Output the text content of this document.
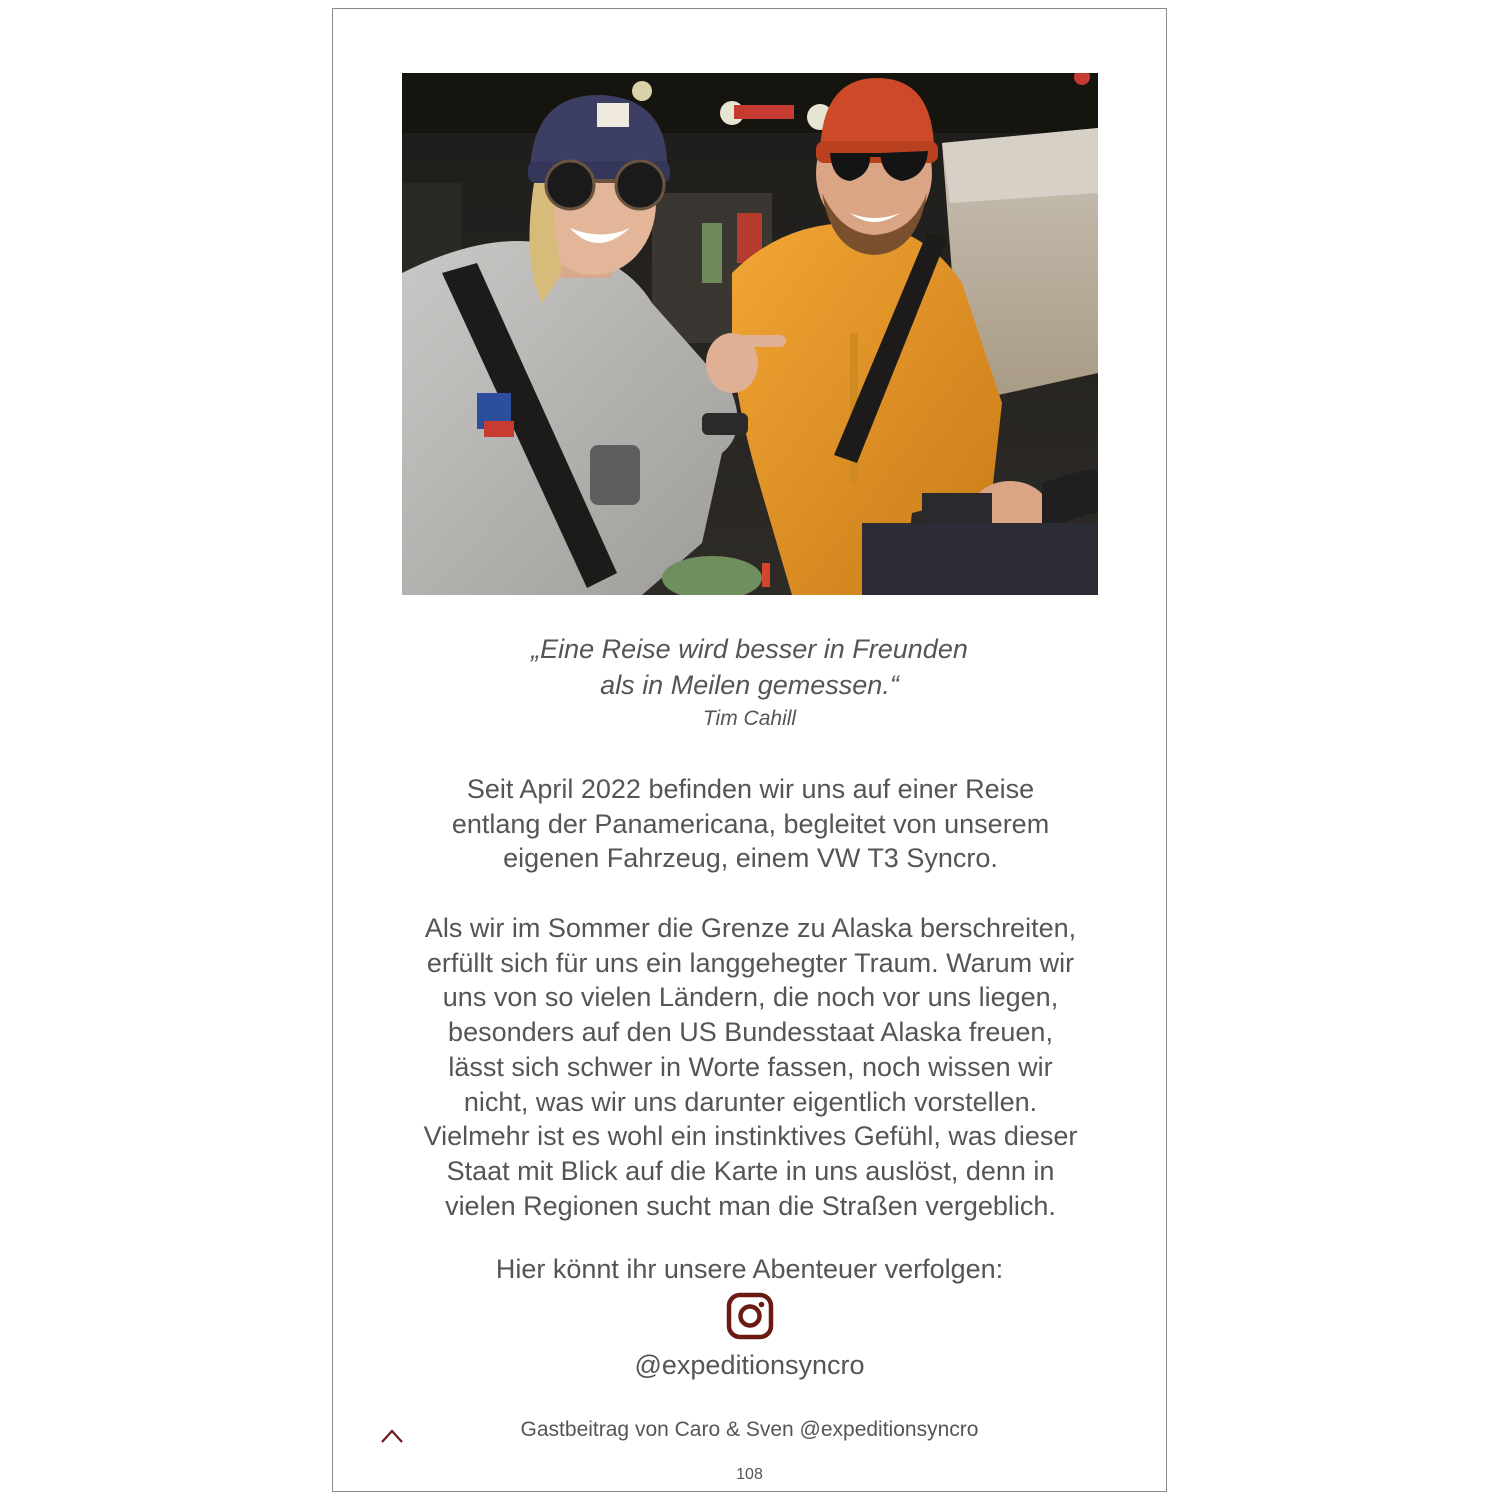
„Eine Reise wird besser in Freunden
als in Meilen gemessen.“
Tim Cahill
Seit April 2022 befinden wir uns auf einer Reise
entlang der Panamericana, begleitet von unserem
eigenen Fahrzeug, einem VW T3 Syncro.
Als wir im Sommer die Grenze zu Alaska berschreiten,
erfüllt sich für uns ein langgehegter Traum. Warum wir
uns von so vielen Ländern, die noch vor uns liegen,
besonders auf den US Bundesstaat Alaska freuen,
lässt sich schwer in Worte fassen, noch wissen wir
nicht, was wir uns darunter eigentlich vorstellen.
Vielmehr ist es wohl ein instinktives Gefühl, was dieser
Staat mit Blick auf die Karte in uns auslöst, denn in
vielen Regionen sucht man die Straßen vergeblich.
Hier könnt ihr unsere Abenteuer verfolgen:
@expeditionsyncro
Gastbeitrag von Caro & Sven @expeditionsyncro
108
